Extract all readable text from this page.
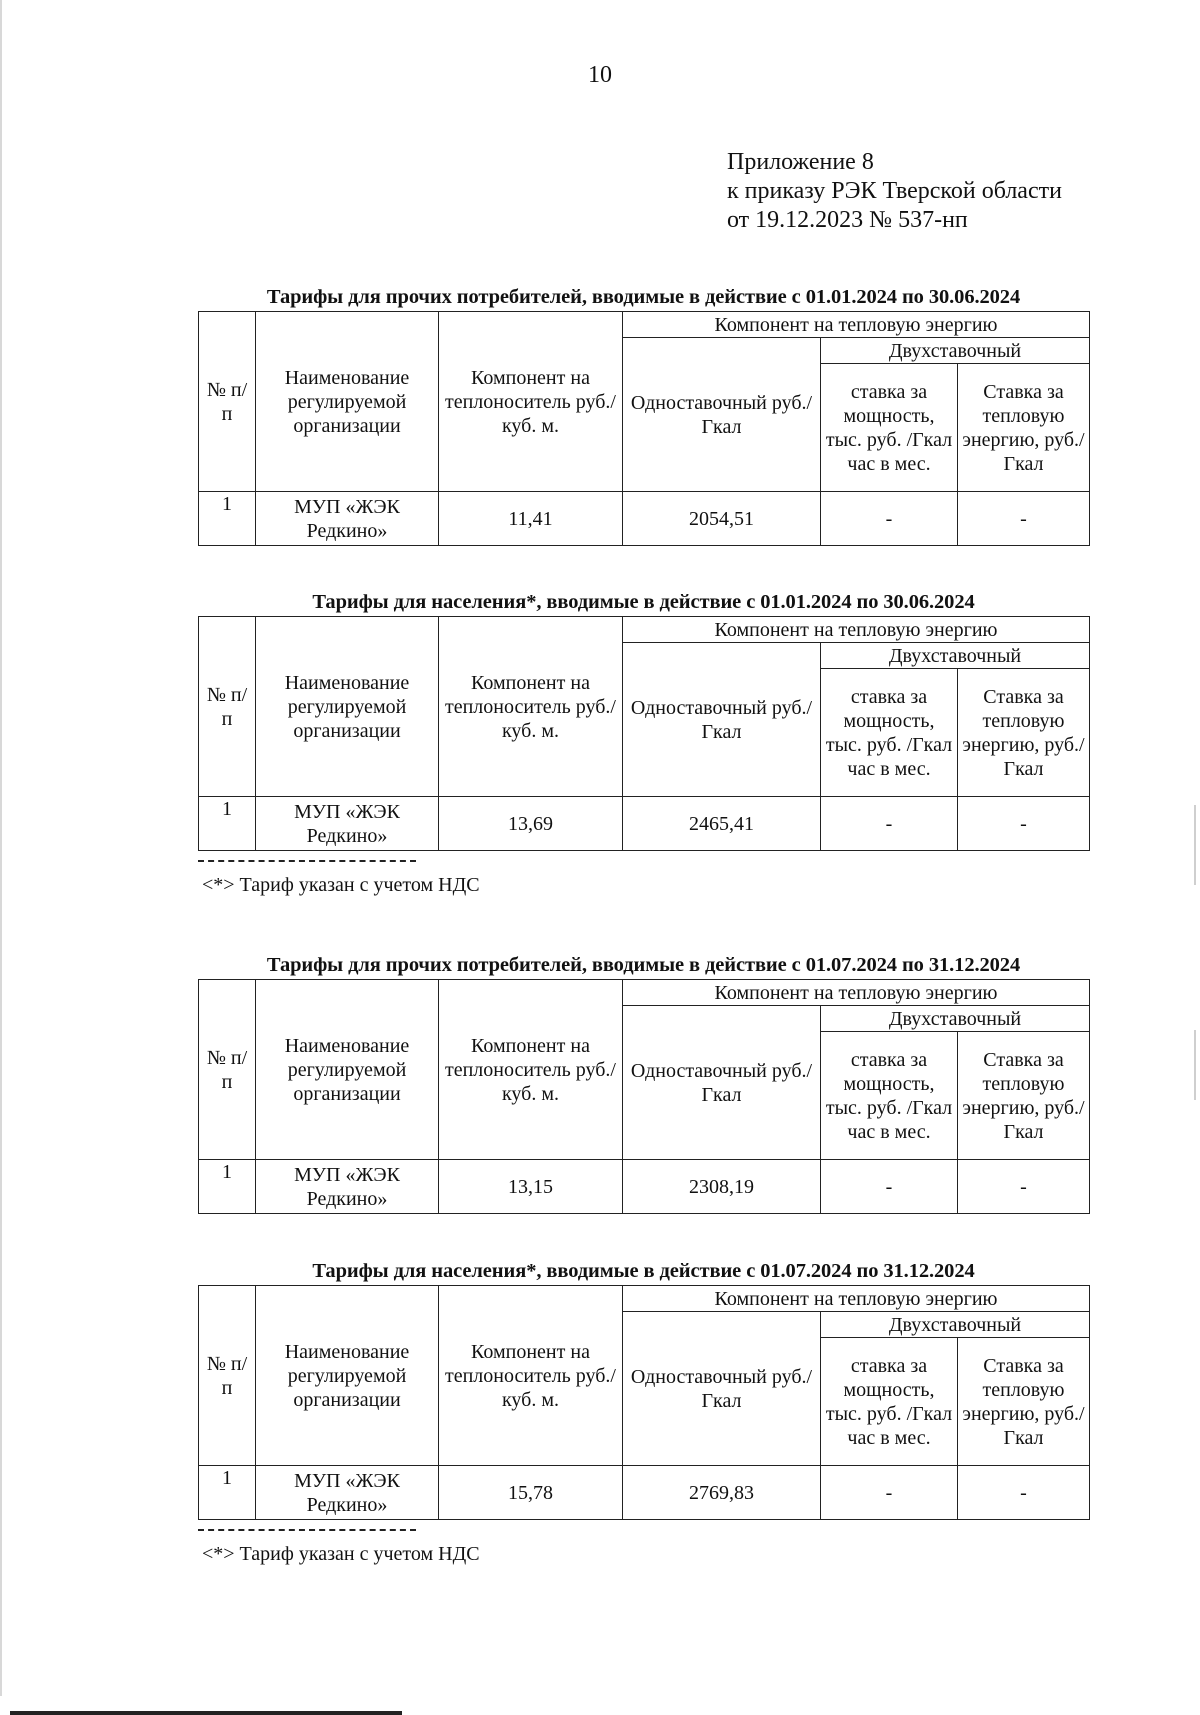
10
Приложение 8
к приказу РЭК Тверской области
от 19.12.2023 № 537-нп
Тарифы для прочих потребителей, вводимые в действие с 01.01.2024 по 30.06.2024
№ п/п	Наименование регулируемой организации	Компонент на теплоноситель руб./куб. м.	Компонент на тепловую энергию		
			Одноставочный руб./Гкал	Двухставочный	
				ставка за мощность, тыс. руб. /Гкал час в мес.	Ставка за тепловую энергию, руб./Гкал
1	МУП «ЖЭК Редкино»	11,41	2054,51	-	-
Тарифы для населения*, вводимые в действие с 01.01.2024 по 30.06.2024
№ п/п	Наименование регулируемой организации	Компонент на теплоноситель руб./куб. м.	Компонент на тепловую энергию		
			Одноставочный руб./Гкал	Двухставочный	
				ставка за мощность, тыс. руб. /Гкал час в мес.	Ставка за тепловую энергию, руб./Гкал
1	МУП «ЖЭК Редкино»	13,69	2465,41	-	-
<*> Тариф указан с учетом НДС
Тарифы для прочих потребителей, вводимые в действие с 01.07.2024 по 31.12.2024
№ п/п	Наименование регулируемой организации	Компонент на теплоноситель руб./куб. м.	Компонент на тепловую энергию		
			Одноставочный руб./Гкал	Двухставочный	
				ставка за мощность, тыс. руб. /Гкал час в мес.	Ставка за тепловую энергию, руб./Гкал
1	МУП «ЖЭК Редкино»	13,15	2308,19	-	-
Тарифы для населения*, вводимые в действие с 01.07.2024 по 31.12.2024
№ п/п	Наименование регулируемой организации	Компонент на теплоноситель руб./куб. м.	Компонент на тепловую энергию		
			Одноставочный руб./Гкал	Двухставочный	
				ставка за мощность, тыс. руб. /Гкал час в мес.	Ставка за тепловую энергию, руб./Гкал
1	МУП «ЖЭК Редкино»	15,78	2769,83	-	-
<*> Тариф указан с учетом НДС
